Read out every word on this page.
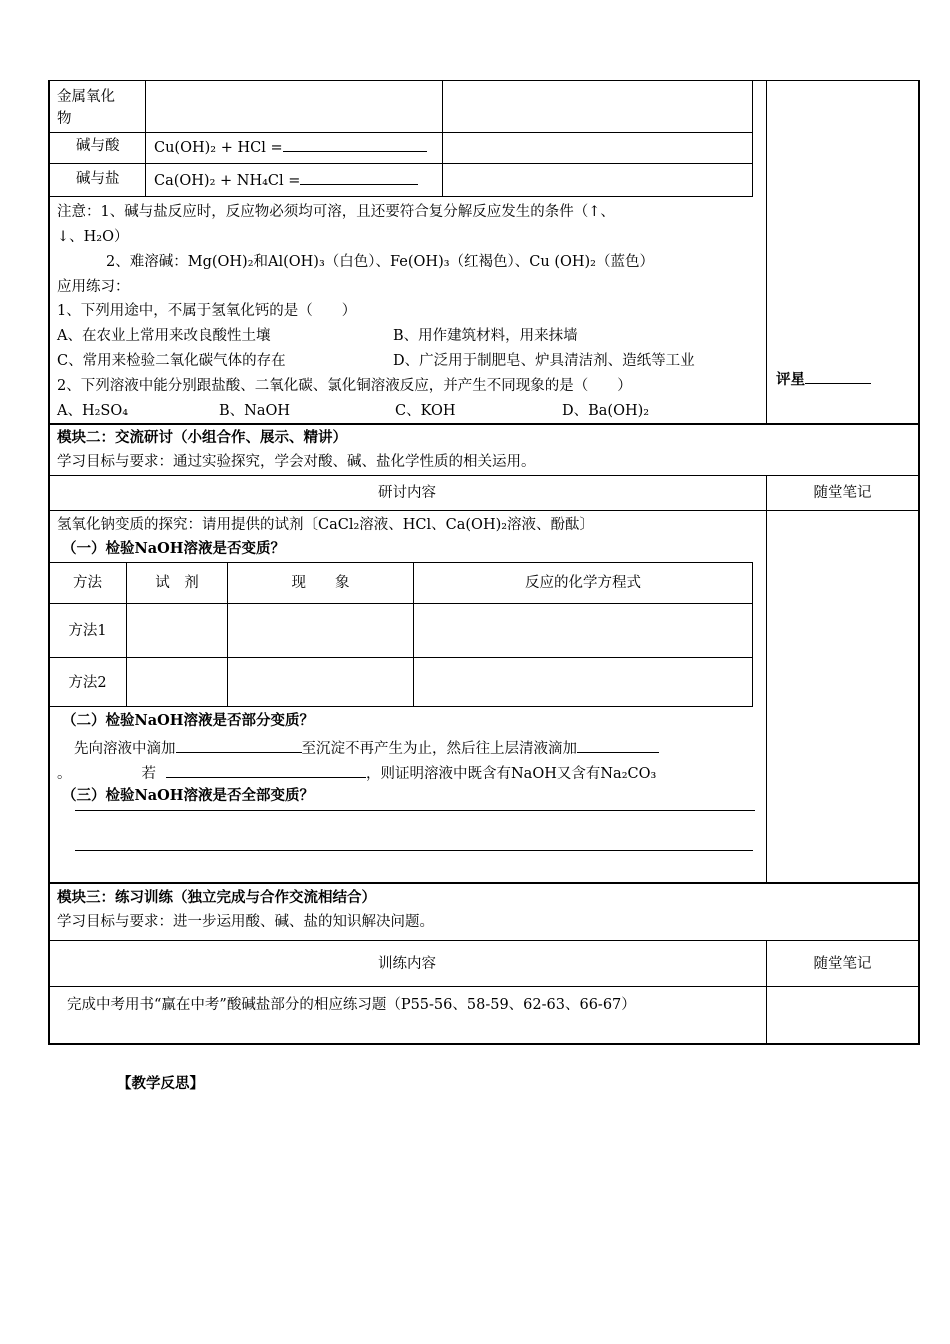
金属氧化
物
碱与酸 Cu(OH)₂ + HCl =
碱与盐 Ca(OH)₂ + NH₄Cl =
注意：1、碱与盐反应时，反应物必须均可溶，且还要符合复分解反应发生的条件（↑、
↓、H₂O）
2、难溶碱：Mg(OH)₂和Al(OH)₃（白色）、Fe(OH)₃（红褐色）、Cu (OH)₂（蓝色）
应用练习：
1、下列用途中，不属于氢氧化钙的是（　　）
A、在农业上常用来改良酸性土壤	B、用作建筑材料，用来抹墙
C、常用来检验二氧化碳气体的存在	D、广泛用于制肥皂、炉具清洁剂、造纸等工业
2、下列溶液中能分别跟盐酸、二氧化碳、氯化铜溶液反应，并产生不同现象的是（　　）
A、H₂SO₄	B、NaOH	C、KOH	D、Ba(OH)₂
评星
模块二：交流研讨（小组合作、展示、精讲）
学习目标与要求：通过实验探究，学会对酸、碱、盐化学性质的相关运用。
研讨内容	随堂笔记
氢氧化钠变质的探究：请用提供的试剂〔CaCl₂溶液、HCl、Ca(OH)₂溶液、酚酞〕
（一）检验NaOH溶液是否变质？
方法	试　剂	现　　象	反应的化学方程式
方法1
方法2
（二）检验NaOH溶液是否部分变质？
先向溶液中滴加	至沉淀不再产生为止，然后往上层清液滴加
。	若	，则证明溶液中既含有NaOH又含有Na₂CO₃
（三）检验NaOH溶液是否全部变质？
模块三：练习训练（独立完成与合作交流相结合）
学习目标与要求：进一步运用酸、碱、盐的知识解决问题。
训练内容	随堂笔记
完成中考用书“赢在中考”酸碱盐部分的相应练习题（P55-56、58-59、62-63、66-67）
【教学反思】
